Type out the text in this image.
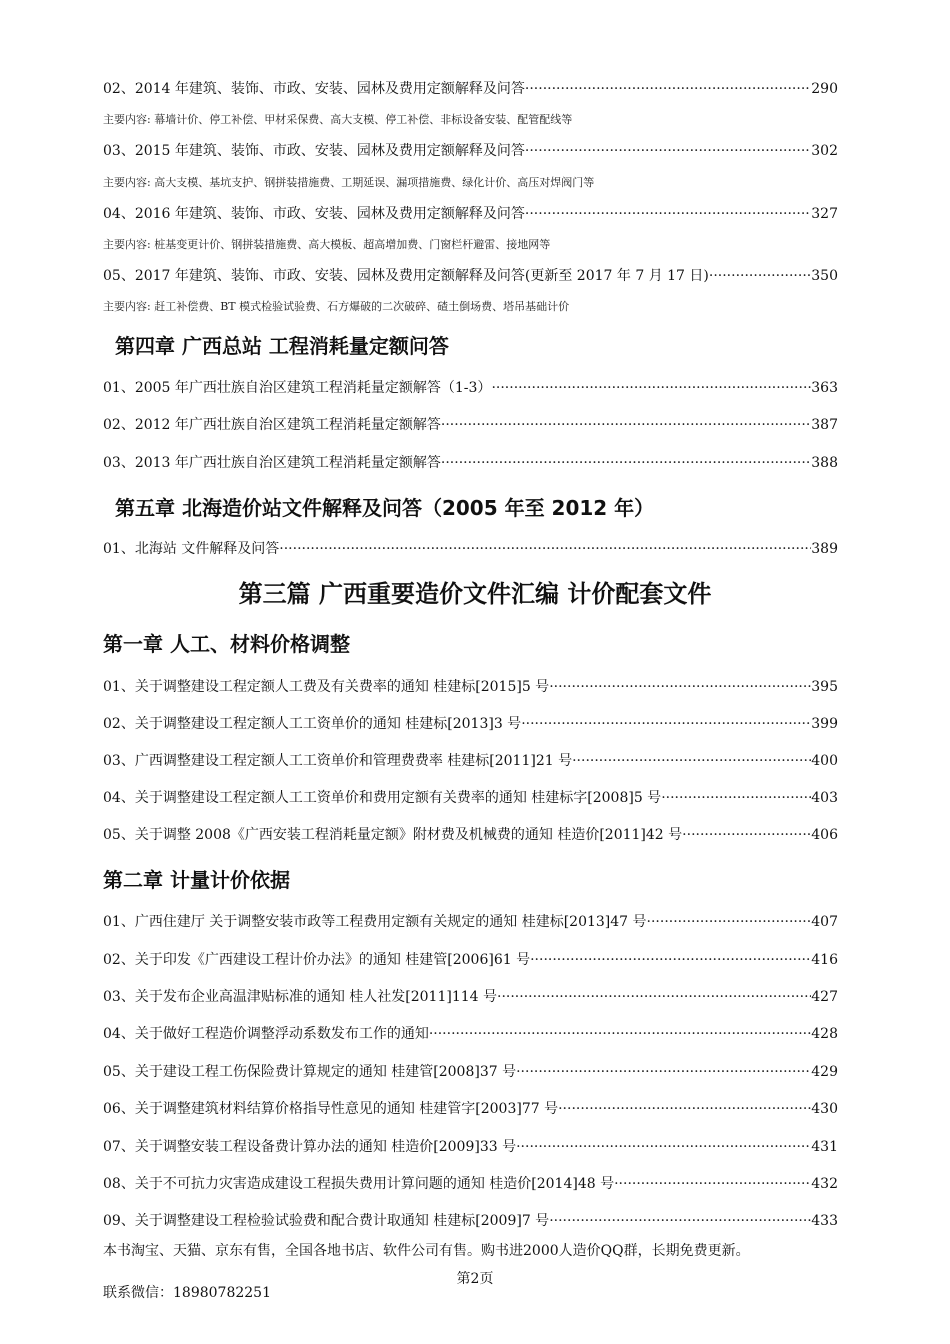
02、2014 年建筑、装饰、市政、安装、园林及费用定额解释及问答 ·····	290
主要内容: 幕墙计价、停工补偿、甲材采保费、高大支模、停工补偿、非标设备安装、配管配线等
03、2015 年建筑、装饰、市政、安装、园林及费用定额解释及问答 ·····	302
主要内容: 高大支模、基坑支护、钢拼装措施费、工期延误、漏项措施费、绿化计价、高压对焊阀门等
04、2016 年建筑、装饰、市政、安装、园林及费用定额解释及问答 ·····	327
主要内容: 桩基变更计价、钢拼装措施费、高大模板、超高增加费、门窗栏杆避雷、接地网等
05、2017 年建筑、装饰、市政、安装、园林及费用定额解释及问答(更新至 2017 年 7 月 17 日) ·····	350
主要内容: 赶工补偿费、BT 模式检验试验费、石方爆破的二次破碎、碴土倒场费、塔吊基础计价
第四章 广西总站 工程消耗量定额问答
01、2005 年广西壮族自治区建筑工程消耗量定额解答（1-3） ·····	363
02、2012 年广西壮族自治区建筑工程消耗量定额解答 ·····	387
03、2013 年广西壮族自治区建筑工程消耗量定额解答 ·····	388
第五章 北海造价站文件解释及问答（2005 年至 2012 年）
01、北海站 文件解释及问答 ·····	389
第三篇 广西重要造价文件汇编 计价配套文件
第一章 人工、材料价格调整
01、关于调整建设工程定额人工费及有关费率的通知 桂建标[2015]5 号 ·····	395
02、关于调整建设工程定额人工工资单价的通知 桂建标[2013]3 号 ·····	399
03、广西调整建设工程定额人工工资单价和管理费费率 桂建标[2011]21 号 ·····	400
04、关于调整建设工程定额人工工资单价和费用定额有关费率的通知 桂建标字[2008]5 号 ·····	403
05、关于调整 2008《广西安装工程消耗量定额》附材费及机械费的通知 桂造价[2011]42 号 ·····	406
第二章 计量计价依据
01、广西住建厅 关于调整安装市政等工程费用定额有关规定的通知 桂建标[2013]47 号 ·····	407
02、关于印发《广西建设工程计价办法》的通知 桂建管[2006]61 号 ·····	416
03、关于发布企业高温津贴标准的通知 桂人社发[2011]114 号 ·····	427
04、关于做好工程造价调整浮动系数发布工作的通知 ·····	428
05、关于建设工程工伤保险费计算规定的通知 桂建管[2008]37 号 ·····	429
06、关于调整建筑材料结算价格指导性意见的通知 桂建管字[2003]77 号 ·····	430
07、关于调整安装工程设备费计算办法的通知 桂造价[2009]33 号 ·····	431
08、关于不可抗力灾害造成建设工程损失费用计算问题的通知 桂造价[2014]48 号 ·····	432
09、关于调整建设工程检验试验费和配合费计取通知 桂建标[2009]7 号 ·····	433
本书淘宝、天猫、京东有售，全国各地书店、软件公司有售。购书进2000人造价QQ群，长期免费更新。
第2页
联系微信：18980782251
